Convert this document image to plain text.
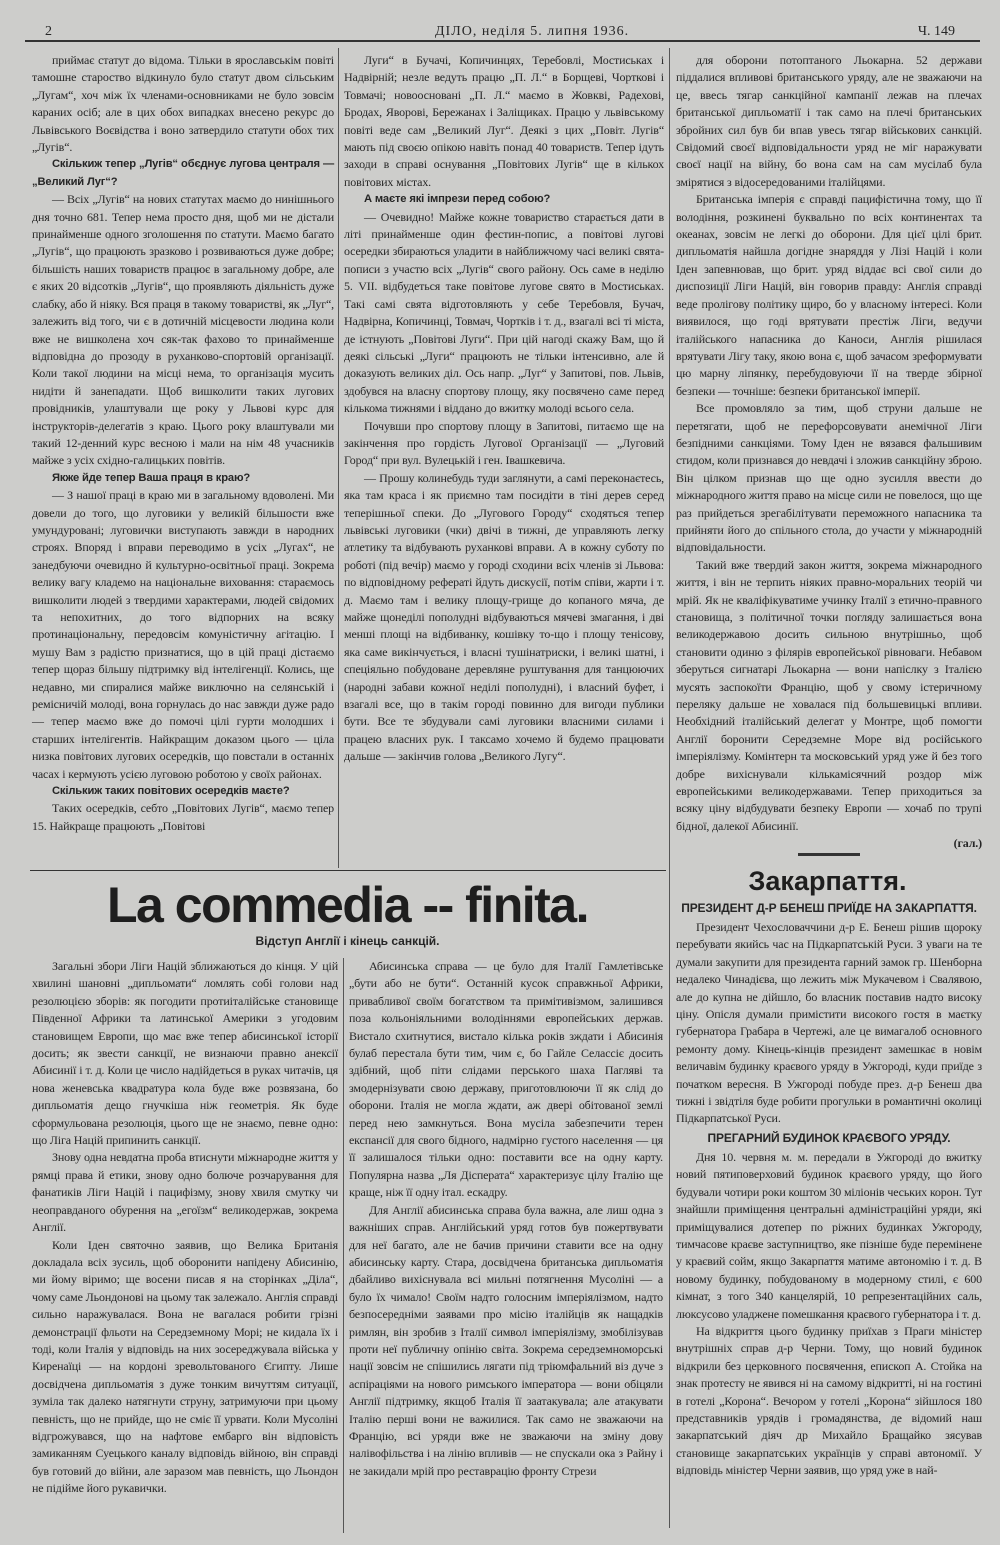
2	ДІЛО, неділя 5. липня 1936.	Ч. 149

приймає статут до відома. Тільки в ярославськім повіті тамошне староство відкинуло було статут двом сільським „Лугам“, хоч між їх членами-основниками не було зовсім караних осіб; але в цих обох випадках внесено рекурс до Львівського Воєвідства і воно затвердило статути обох тих „Лугів“.

Скількиж тепер „Лугів“ обєднує лугова централя — „Великий Луг“?

— Всіх „Лугів“ на нових статутах маємо до нинішнього дня точно 681. Тепер нема просто дня, щоб ми не дістали принайменше одного зголошення по статути. Маємо багато „Лугів“, що працюють зразково і розвиваються дуже добре; більшість наших товариств працює в загальному добре, але є яких 20 відсотків „Лугів“, що проявляють діяльність дуже слабку, або й ніяку. Вся праця в такому товаристві, як „Луг“, залежить від того, чи є в дотичній місцевости людина коли вже не вишколена хоч сяк-так фахово то принайменше відповідна до прозоду в руханково-спортовій організації. Коли такої людини на місці нема, то організація мусить нидіти й занепадати. Щоб вишколити таких лугових провідників, улаштували ще року у Львові курс для інструкторів-делегатів з краю. Цього року влаштували ми такий 12-денний курс весною і мали на нім 48 учасників майже з усіх східно-галицьких повітів.

Якже йде тепер Ваша праця в краю?

— З нашої праці в краю ми в загальному вдоволені. Ми довели до того, що луговики у великій більшости вже умундуровані; луговички виступають завжди в народних строях. Впоряд і вправи переводимо в усіх „Лугах“, не занедбуючи очевидно й культурно-освітньої праці. Зокрема велику вагу кладемо на національне виховання: стараємось вишколити людей з твердими характерами, людей свідомих та непохитних, до того відпорних на всяку протинаціональну, передовсім комуністичну агітацію. І мушу Вам з радістю признатися, що в цій праці дістаємо тепер щораз більшу підтримку від інтелігенції. Колись, ще недавно, ми спиралися майже виключно на селянській і ремісничій молоді, вона горнулась до нас завжди дуже радо — тепер маємо вже до помочі цілі гурти молодших і старших інтелігентів. Найкращим доказом цього — ціла низка повітових лугових осередків, що повстали в останніх часах і кермують усією луговою роботою у своїх районах.

Скількиж таких повітових осередків маєте?

Таких осередків, себто „Повітових Лугів“, маємо тепер 15. Найкраще працюють „Повітові

Луги“ в Бучачі, Копичинцях, Теребовлі, Мостиськах і Надвірній; незле ведуть працю „П. Л.“ в Борщеві, Чорткові і Товмачі; новоосновані „П. Л.“ маємо в Жовкві, Радехові, Бродах, Яворові, Бережанах і Заліщиках. Працю у львівському повіті веде сам „Великий Луг“. Деякі з цих „Повіт. Лугів“ мають під своєю опікою навіть понад 40 товариств. Тепер ідуть заходи в справі оснування „Повітових Лугів“ ще в кількох повітових містах.

А маєте які імпрези перед собою?

— Очевидно! Майже кожне товариство старається дати в літі принайменше один фестин-попис, а повітові лугові осередки збираються уладити в найближчому часі великі свята-пописи з участю всіх „Лугів“ свого району. Ось саме в неділю 5. VII. відбудеться таке повітове лугове свято в Мостиськах. Такі самі свята відготовляють у себе Теребовля, Бучач, Надвірна, Копичинці, Товмач, Чортків і т. д., взагалі всі ті міста, де істнують „Повітові Луги“. При цій нагоді скажу Вам, що й деякі сільські „Луги“ працюють не тільки інтенсивно, але й доказують великих діл. Ось напр. „Луг“ у Запитові, пов. Львів, здобувся на власну спортову площу, яку посвячено саме перед кількома тижнями і віддано до вжитку молоді всього села.

Почувши про спортову площу в Запитові, питаємо ще на закінчення про гордість Лугової Організації — „Луговий Город“ при вул. Вулецькій і ген. Івашкевича.

— Прошу колинебудь туди заглянути, а самі переконаєтесь, яка там краса і як приємно там посидіти в тіні дерев серед теперішньої спеки. До „Лугового Городу“ сходяться тепер львівські луговики (чки) двічі в тижні, де управляють легку атлетику та відбувають руханкові вправи. А в кожну суботу по роботі (під вечір) маємо у городі сходини всіх членів зі Львова: по відповідному рефераті йдуть дискусії, потім співи, жарти і т. д. Маємо там і велику площу-грище до копаного мяча, де майже щонеділі пополудні відбуваються мячеві змагання, і дві менші площі на відбиванку, кошівку то-що і площу тенісову, яка саме викінчується, і власні тушінатриски, і великі шатні, і спеціяльно побудоване деревляне руштування для танцюючих (народні забави кожної неділі пополудні), і власний буфет, і взагалі все, що в такім городі повинно для вигоди публики бути. Все те збудували самі луговики власними силами і працею власних рук. І таксамо хочемо й будемо працювати дальше — закінчив голова „Великого Лугу“.

для оборони потоптаного Льокарна. 52 держави піддалися впливові британського уряду, але не зважаючи на це, ввесь тягар санкційної кампанії лежав на плечах британської дипльоматії і так само на плечі британських збройних сил був би впав увесь тягар військових санкцій. Свідомий своєї відповідальности уряд не міг наражувати своєї нації на війну, бо вона сам на сам мусілаб була змірятися з відосередованими італійцями.

Британська імперія є справді пацифістична тому, що її володіння, розкинені буквально по всіх континентах та океанах, зовсім не легкі до оборони. Для цієї цілі брит. дипльоматія найшла догідне знаряддя у Лізі Націй і коли Іден запевнював, що брит. уряд віддає всі свої сили до диспозиції Ліги Націй, він говорив правду: Англія справді веде пролігову політику щиро, бо у власному інтересі. Коли виявилося, що годі врятувати престіж Ліги, ведучи італійського напасника до Каноси, Англія рішилася врятувати Лігу таку, якою вона є, щоб зачасом зреформувати цю марну ліпянку, перебудовуючи її на тверде збірної безпеки — точніше: безпеки британської імперії.

Все промовляло за тим, щоб струни дальше не перетягати, щоб не перефорсовувати анемічної Ліги безпідними санкціями. Тому Іден не вязався фальшивим стидом, коли признався до невдачі і зложив санкційну зброю. Він цілком признав що ще одно зусилля ввести до міжнародного життя право на місце сили не повелося, що ще раз прийдеться зрегабілітувати переможного напасника та прийняти його до спільного стола, до участи у міжнародній відповідальности.

Такий вже твердий закон життя, зокрема міжнародного життя, і він не терпить ніяких правно-моральних теорій чи мрій. Як не кваліфікуватиме учинку Італії з етично-правного становища, з політичної точки погляду залишається вона великодержавою досить сильною внутрішньо, щоб становити одиню з філярів европейської рівноваги. Небавом зберуться сигнатарі Льокарна — вони напіслку з Італією мусять заспокоїти Францію, щоб у свому істеричному переляку дальше не ховалася під большевицькі впливи. Необхідний італійський делегат у Монтре, щоб помогти Англії боронити Середземне Море від російського імперіялізму. Комінтерн та московський уряд уже й без того добре вихіснували кількамісячний роздор між европейськими великодержавами. Тепер приходиться за всяку ціну відбудувати безпеку Европи — хочаб по трупі бідної, далекої Абисинії.

(гал.)

La commedia -- finita.
Відступ Англії і кінець санкцій.

Загальні збори Ліги Націй зближаються до кінця. У цій хвилині шановні „дипльомати“ ломлять собі голови над резолюцією зборів: як погодити протиіталійське становище Південної Африки та латинської Америки з угодовим становищем Европи, що має вже тепер абисинської історії досить; як звести санкції, не визнаючи правно анексії Абисинії і т. д. Коли це число надійдеться в руках читачів, ця нова женевська квадратура кола буде вже розвязана, бо дипльоматія дещо гнучкіша ніж геометрія. Як буде сформульована резолюція, цього ще не знаємо, певне одно: що Ліга Націй припинить санкції.

Знову одна невдатна проба втиснути міжнародне життя у рямці права й етики, знову одно болюче розчарування для фанатиків Ліги Націй і пацифізму, знову хвиля смутку чи неоправданого обурення на „егоїзм“ великодержав, зокрема Англії.

Коли Іден святочно заявив, що Велика Британія докладала всіх зусиль, щоб оборонити напідену Абисинію, ми йому віримо; ще восени писав я на сторінках „Діла“, чому саме Льондонові на цьому так залежало. Англія справді сильно наражувалася. Вона не вагалася робити грізні демонстрації фльоти на Середземному Морі; не кидала їх і тоді, коли Італія у відповідь на них зосереджувала війська у Киренаїці — на кордоні зревольтованого Єгипту. Лише досвідчена дипльоматія з дуже тонким вичуттям ситуації, зуміла так далеко натягнути струну, затримуючи при цьому певність, що не прийде, що не сміє її урвати. Коли Мусоліні відгрожувався, що на нафтове ембарго він відповість замиканням Суецького каналу відповідь війною, він справді був готовий до війни, але заразом мав певність, що Льондон не підійме його рукавички.

Абисинська справа — це було для Італії Гамлетівське „бути або не бути“. Останній кусок справжньої Африки, привабливої своїм богатством та примітивізмом, залишився поза кольоніяльними володіннями европейських держав. Вистало схитнутися, вистало кілька років зждати і Абисинія булаб перестала бути тим, чим є, бо Гайле Селассіє досить здібний, щоб піти слідами перського шаха Пагляві та змодернізувати свою державу, приготовлюючи її як слід до оборони. Італія не могла ждати, аж двері обітованої землі перед нею замкнуться. Вона мусіла забезпечити терен експансії для свого бідного, надмірно густого населення — ця її залишалося тільки одно: поставити все на одну карту. Популярна назва „Ля Дісперата“ характеризує цілу Італію ще краще, ніж її одну італ. ескадру.

Для Англії абисинська справа була важна, але лиш одна з важніших справ. Англійський уряд готов був пожертвувати для неї багато, але не бачив причини ставити все на одну абисинську карту. Стара, досвідчена британська дипльоматія дбайливо вихіснувала всі мильні потягнення Мусоліні — а було їх чимало! Своїм надто голосним імперіялізмом, надто безпосередніми заявами про місію італійців як нащадків римлян, він зробив з Італії символ імперіялізму, змобілізував проти неї публичну опінію світа. Зокрема середземноморські нації зовсім не спішились лягати під тріюмфальний віз дуче з аспіраціями на нового римського імператора — вони обіцяли Англії підтримку, якщоб Італія її заатакувала; але атакувати Італію перші вони не важилися. Так само не зважаючи на Францію, всі уряди вже не зважаючи на зміну дову налівофільства і на лінію впливів — не спускали ока з Райну і не закидали мрій про реставрацію фронту Стрези

Закарпаття.

ПРЕЗИДЕНТ Д-Р БЕНЕШ ПРИЇДЕ НА ЗАКАРПАТТЯ.

Президент Чехословаччини д-р Е. Бенеш рішив щороку перебувати якийсь час на Підкарпатській Руси. З уваги на те думали закупити для президента гарний замок гр. Шенборна недалеко Чинадієва, що лежить між Мукачевом і Свалявою, але до купна не дійшло, бо власник поставив надто високу ціну. Опісля думали примістити високого гостя в маєтку губернатора Грабара в Чертежі, але це вимагалоб основного ремонту дому. Кінець-кінців президент замешкає в новім величавім будинку краєвого уряду в Ужгороді, куди приїде з початком вересня. В Ужгороді побуде през. д-р Бенеш два тижні і звідтіля буде робити прогульки в романтичні околиці Підкарпатської Руси.

ПРЕГАРНИЙ БУДИНОК КРАЄВОГО УРЯДУ.

Дня 10. червня м. м. передали в Ужгороді до вжитку новий пятиповерховий будинок краєвого уряду, що його будували чотири роки коштом 30 міліонів чеських корон. Тут знайшли приміщення центральні адміністраційні уряди, які приміщувалися дотепер по ріжних будинках Ужгороду, тимчасове краєве заступництво, яке пізніше буде перемінене у краєвий сойм, якщо Закарпаття матиме автономію і т. д. В новому будинку, побудованому в модерному стилі, є 600 кімнат, з того 340 канцелярій, 10 репрезентаційних саль, люксусово уладжене помешкання краєвого губернатора і т. д.

На відкриття цього будинку приїхав з Праги міністер внутрішніх справ д-р Черни. Тому, що новий будинок відкрили без церковного посвячення, епископ А. Стойка на знак протесту не явився ні на самому відкритті, ні на гостині в готелі „Корона“. Вечором у готелі „Корона“ зійшлося 180 представників урядів і громадянства, де відомий наш закарпатський діяч др Михайло Бращайко зясував становище закарпатських українців у справі автономії. У відповідь міністер Черни заявив, що уряд уже в най-
